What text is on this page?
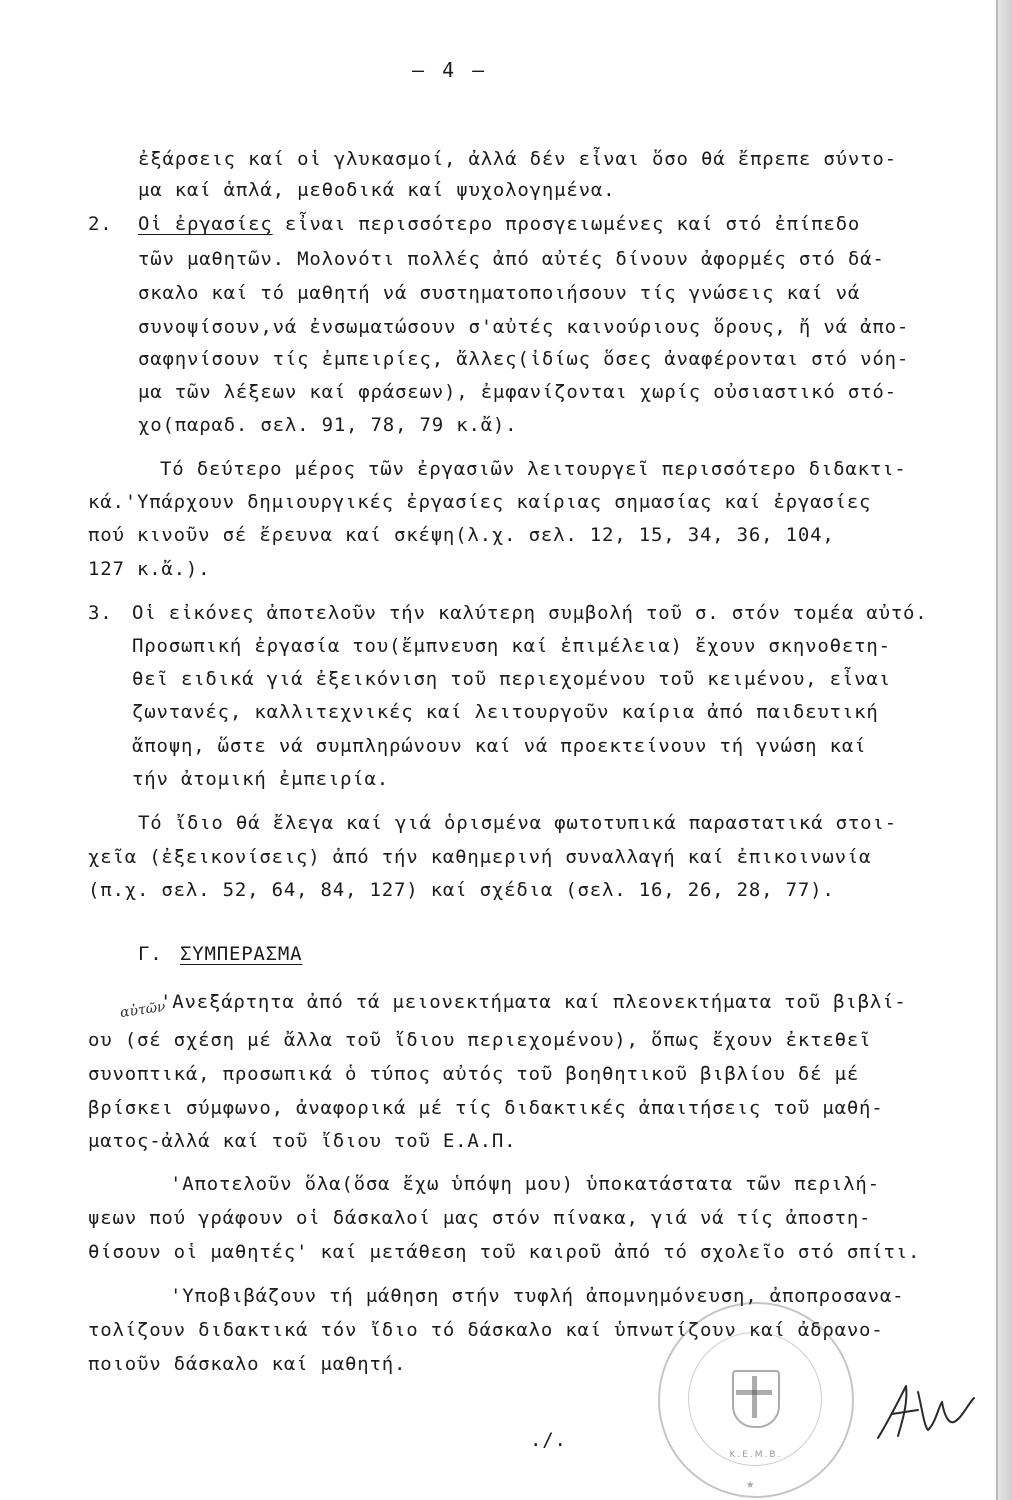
— 4 —
ἐξάρσεις καί οἱ γλυκασμοί, ἀλλά δέν εἶναι ὅσο θά ἔπρεπε σύντο-
μα καί ἁπλά, μεθοδικά καί ψυχολογημένα.
2. Οἱ ἐργασίες εἶναι περισσότερο προσγειωμένες καί στό ἐπίπεδο
τῶν μαθητῶν. Μολονότι πολλές ἀπό αὐτές δίνουν ἀφορμές στό δά-
σκαλο καί τό μαθητή νά συστηματοποιήσουν τίς γνώσεις καί νά
συνοψίσουν,νά ἐνσωματώσουν σ'αὐτές καινούριους ὅρους, ἤ νά ἀπο-
σαφηνίσουν τίς ἐμπειρίες, ἄλλες(ἰδίως ὅσες ἀναφέρονται στό νόη-
μα τῶν λέξεων καί φράσεων), ἐμφανίζονται χωρίς οὐσιαστικό στό-
χο(παραδ. σελ. 91, 78, 79 κ.ἄ).
Τό δεύτερο μέρος τῶν ἐργασιῶν λειτουργεῖ περισσότερο διδακτι-
κά.'Υπάρχουν δημιουργικές ἐργασίες καίριας σημασίας καί ἐργασίες
πού κινοῦν σέ ἔρευνα καί σκέψη(λ.χ. σελ. 12, 15, 34, 36, 104,
127 κ.ἄ.).
3. Οἱ εἰκόνες ἀποτελοῦν τήν καλύτερη συμβολή τοῦ σ. στόν τομέα αὐτό.
Προσωπική ἐργασία του(ἔμπνευση καί ἐπιμέλεια) ἔχουν σκηνοθετη-
θεῖ ειδικά γιά ἐξεικόνιση τοῦ περιεχομένου τοῦ κειμένου, εἶναι
ζωντανές, καλλιτεχνικές καί λειτουργοῦν καίρια ἀπό παιδευτική
ἄποψη, ὥστε νά συμπληρώνουν καί νά προεκτείνουν τή γνώση καί
τήν ἀτομική ἐμπειρία.
Τό ἴδιο θά ἔλεγα καί γιά ὁρισμένα φωτοτυπικά παραστατικά στοι-
χεῖα (ἐξεικονίσεις) ἀπό τήν καθημερινή συναλλαγή καί ἐπικοινωνία
(π.χ. σελ. 52, 64, 84, 127) καί σχέδια (σελ. 16, 26, 28, 77).
Γ. ΣΥΜΠΕΡΑΣΜΑ
αὐτῶν
'Ανεξάρτητα ἀπό τά μειονεκτήματα καί πλεονεκτήματα τοῦ βιβλί-
ου (σέ σχέση μέ ἄλλα τοῦ ἴδιου περιεχομένου), ὅπως ἔχουν ἐκτεθεῖ
συνοπτικά, προσωπικά ὁ τύπος αὐτός τοῦ βοηθητικοῦ βιβλίου δέ μέ
βρίσκει σύμφωνο, ἀναφορικά μέ τίς διδακτικές ἀπαιτήσεις τοῦ μαθή-
ματος-ἀλλά καί τοῦ ἴδιου τοῦ Ε.Α.Π.
'Αποτελοῦν ὅλα(ὅσα ἔχω ὑπόψη μου) ὑποκατάστατα τῶν περιλή-
ψεων πού γράφουν οἱ δάσκαλοί μας στόν πίνακα, γιά νά τίς ἀποστη-
θίσουν οἱ μαθητές' καί μετάθεση τοῦ καιροῦ ἀπό τό σχολεῖο στό σπίτι.
'Υποβιβάζουν τή μάθηση στήν τυφλή ἀπομνημόνευση, ἀποπροσανα-
τολίζουν διδακτικά τόν ἴδιο τό δάσκαλο καί ὑπνωτίζουν καί ἀδρανο-
ποιοῦν δάσκαλο καί μαθητή.
./.
Κ.Ε.Μ.Β.
★
